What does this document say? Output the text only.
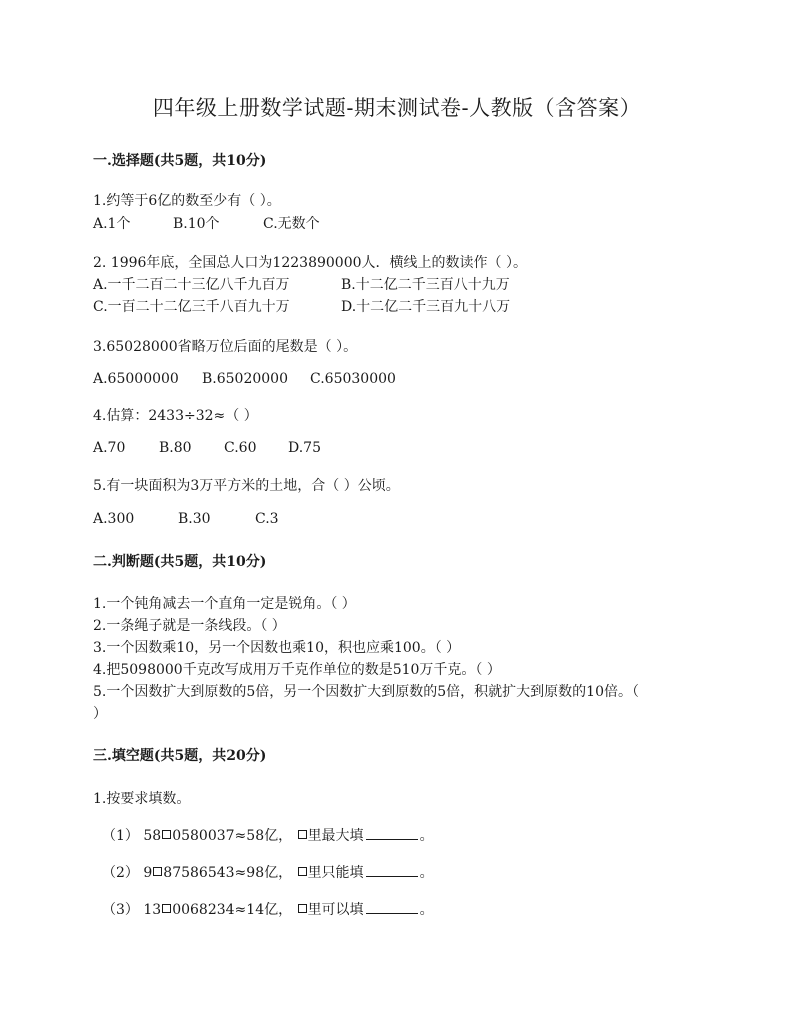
四年级上册数学试题-期末测试卷-人教版（含答案）
一.选择题(共5题，共10分)
1.约等于6亿的数至少有（ ）。
A.1个	B.10个	C.无数个
2. 1996年底，全国总人口为1223890000人．横线上的数读作（ ）。
A.一千二百二十三亿八千九百万	B.十二亿二千三百八十九万
C.一百二十二亿三千八百九十万	D.十二亿二千三百九十八万
3.65028000省略万位后面的尾数是（ ）。
A.65000000	B.65020000	C.65030000
4.估算：2433÷32≈（ ）
A.70	B.80	C.60	D.75
5.有一块面积为3万平方米的土地，合（ ）公顷。
A.300	B.30	C.3
二.判断题(共5题，共10分)
1.一个钝角减去一个直角一定是锐角。（ ）
2.一条绳子就是一条线段。（ ）
3.一个因数乘10，另一个因数也乘10，积也应乘100。（ ）
4.把5098000千克改写成用万千克作单位的数是510万千克。（ ）
5.一个因数扩大到原数的5倍，另一个因数扩大到原数的5倍，积就扩大到原数的10倍。（
）
三.填空题(共5题，共20分)
1.按要求填数。
（1） 58 0580037≈58亿， 里最大填	。
（2） 9 87586543≈98亿， 里只能填	。
（3） 13 0068234≈14亿， 里可以填	。
